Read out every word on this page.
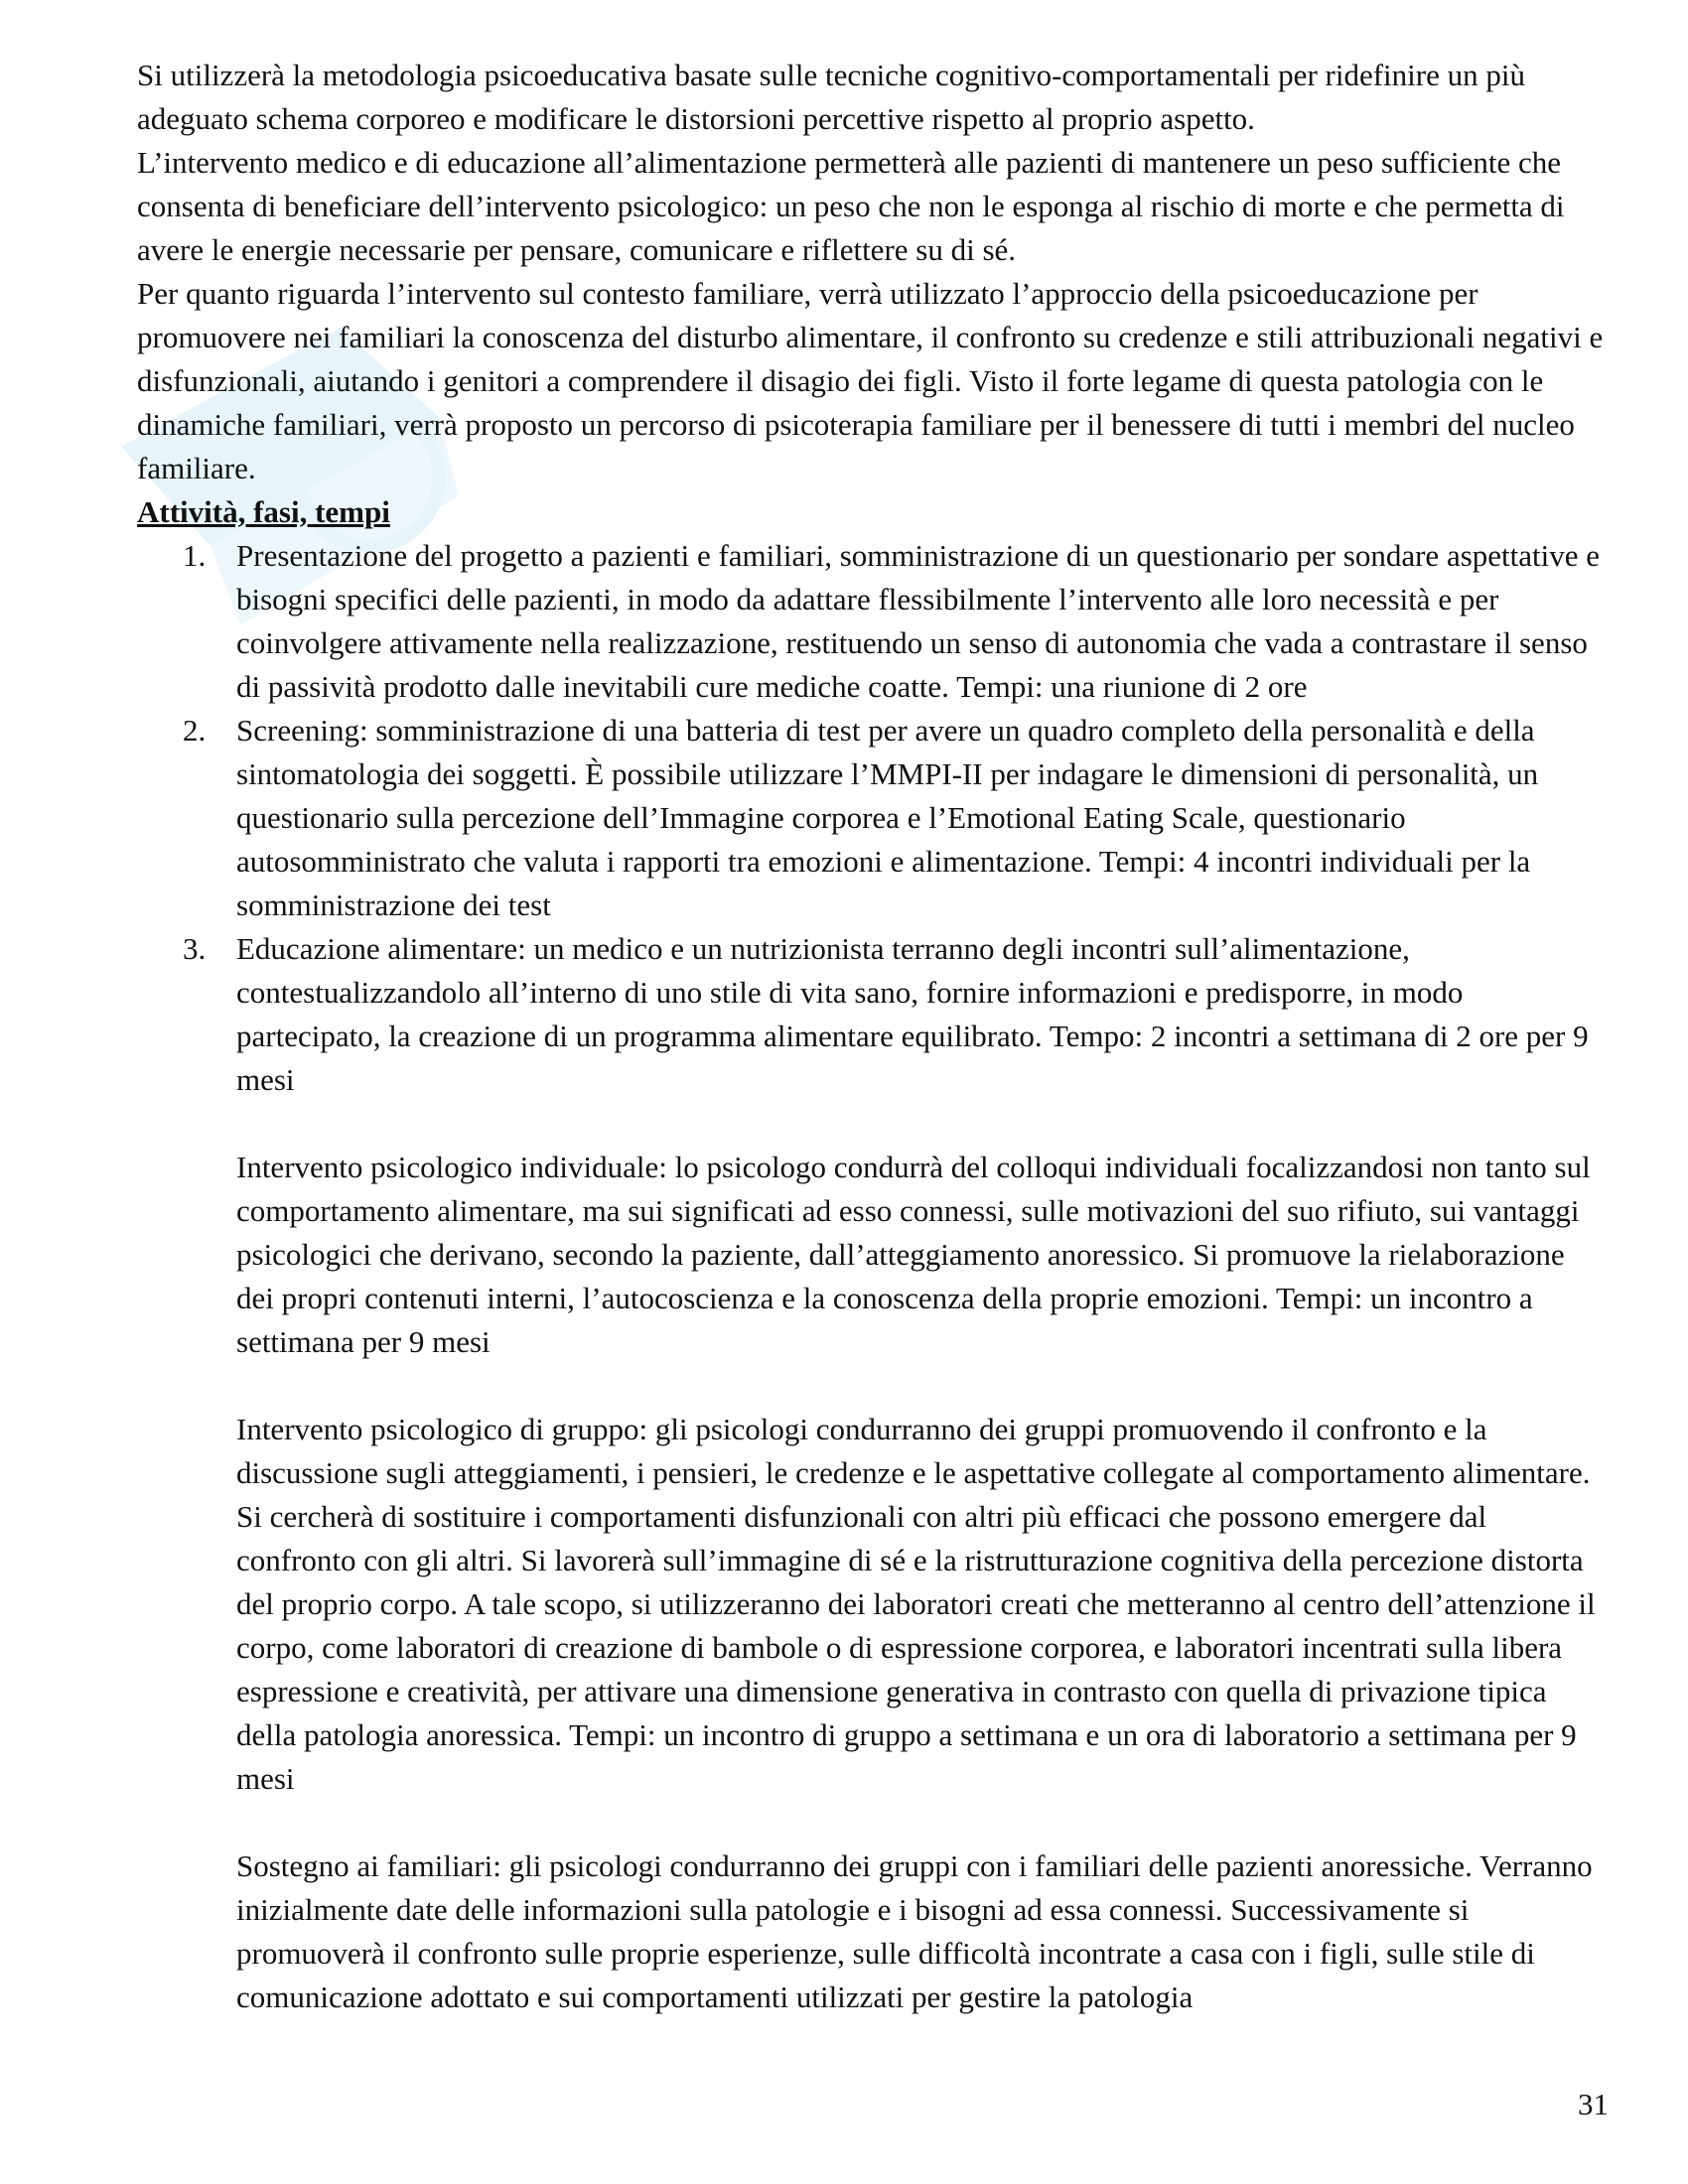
Si utilizzerà la metodologia psicoeducativa basate sulle tecniche cognitivo-comportamentali per ridefinire un più adeguato schema corporeo e modificare le distorsioni percettive rispetto al proprio aspetto.

L’intervento medico e di educazione all’alimentazione permetterà alle pazienti di mantenere un peso sufficiente che consenta di beneficiare dell’intervento psicologico: un peso che non le esponga al rischio di morte e che permetta di avere le energie necessarie per pensare, comunicare e riflettere su di sé.

Per quanto riguarda l’intervento sul contesto familiare, verrà utilizzato l’approccio della psicoeducazione per promuovere nei familiari la conoscenza del disturbo alimentare, il confronto su credenze e stili attribuzionali negativi e disfunzionali, aiutando i genitori a comprendere il disagio dei figli. Visto il forte legame di questa patologia con le dinamiche familiari, verrà proposto un percorso di psicoterapia familiare per il benessere di tutti i membri del nucleo familiare.

Attività, fasi, tempi

1. Presentazione del progetto a pazienti e familiari, somministrazione di un questionario per sondare aspettative e bisogni specifici delle pazienti, in modo da adattare flessibilmente l’intervento alle loro necessità e per coinvolgere attivamente nella realizzazione, restituendo un senso di autonomia che vada a contrastare il senso di passività prodotto dalle inevitabili cure mediche coatte. Tempi: una riunione di 2 ore
2. Screening: somministrazione di una batteria di test per avere un quadro completo della personalità e della sintomatologia dei soggetti. È possibile utilizzare l’MMPI-II per indagare le dimensioni di personalità, un questionario sulla percezione dell’Immagine corporea e l’Emotional Eating Scale, questionario autosomministrato che valuta i rapporti tra emozioni e alimentazione. Tempi: 4 incontri individuali per la somministrazione dei test
3. Educazione alimentare: un medico e un nutrizionista terranno degli incontri sull’alimentazione, contestualizzandolo all’interno di uno stile di vita sano, fornire informazioni e predisporre, in modo partecipato, la creazione di un programma alimentare equilibrato. Tempo: 2 incontri a settimana di 2 ore per 9 mesi

Intervento psicologico individuale: lo psicologo condurrà del colloqui individuali focalizzandosi non tanto sul comportamento alimentare, ma sui significati ad esso connessi, sulle motivazioni del suo rifiuto, sui vantaggi psicologici che derivano, secondo la paziente, dall’atteggiamento anoressico. Si promuove la rielaborazione dei propri contenuti interni, l’autocoscienza e la conoscenza della proprie emozioni. Tempi: un incontro a settimana per 9 mesi

Intervento psicologico di gruppo: gli psicologi condurranno dei gruppi promuovendo il confronto e la discussione sugli atteggiamenti, i pensieri, le credenze e le aspettative collegate al comportamento alimentare. Si cercherà di sostituire i comportamenti disfunzionali con altri più efficaci che possono emergere dal confronto con gli altri. Si lavorerà sull’immagine di sé e la ristrutturazione cognitiva della percezione distorta del proprio corpo. A tale scopo, si utilizzeranno dei laboratori creati che metteranno al centro dell’attenzione il corpo, come laboratori di creazione di bambole o di espressione corporea, e laboratori incentrati sulla libera espressione e creatività, per attivare una dimensione generativa in contrasto con quella di privazione tipica della patologia anoressica. Tempi: un incontro di gruppo a settimana e un ora di laboratorio a settimana per 9 mesi

Sostegno ai familiari: gli psicologi condurranno dei gruppi con i familiari delle pazienti anoressiche. Verranno inizialmente date delle informazioni sulla patologie e i bisogni ad essa connessi. Successivamente si promuoverà il confronto sulle proprie esperienze, sulle difficoltà incontrate a casa con i figli, sulle stile di comunicazione adottato e sui comportamenti utilizzati per gestire la patologia

31
